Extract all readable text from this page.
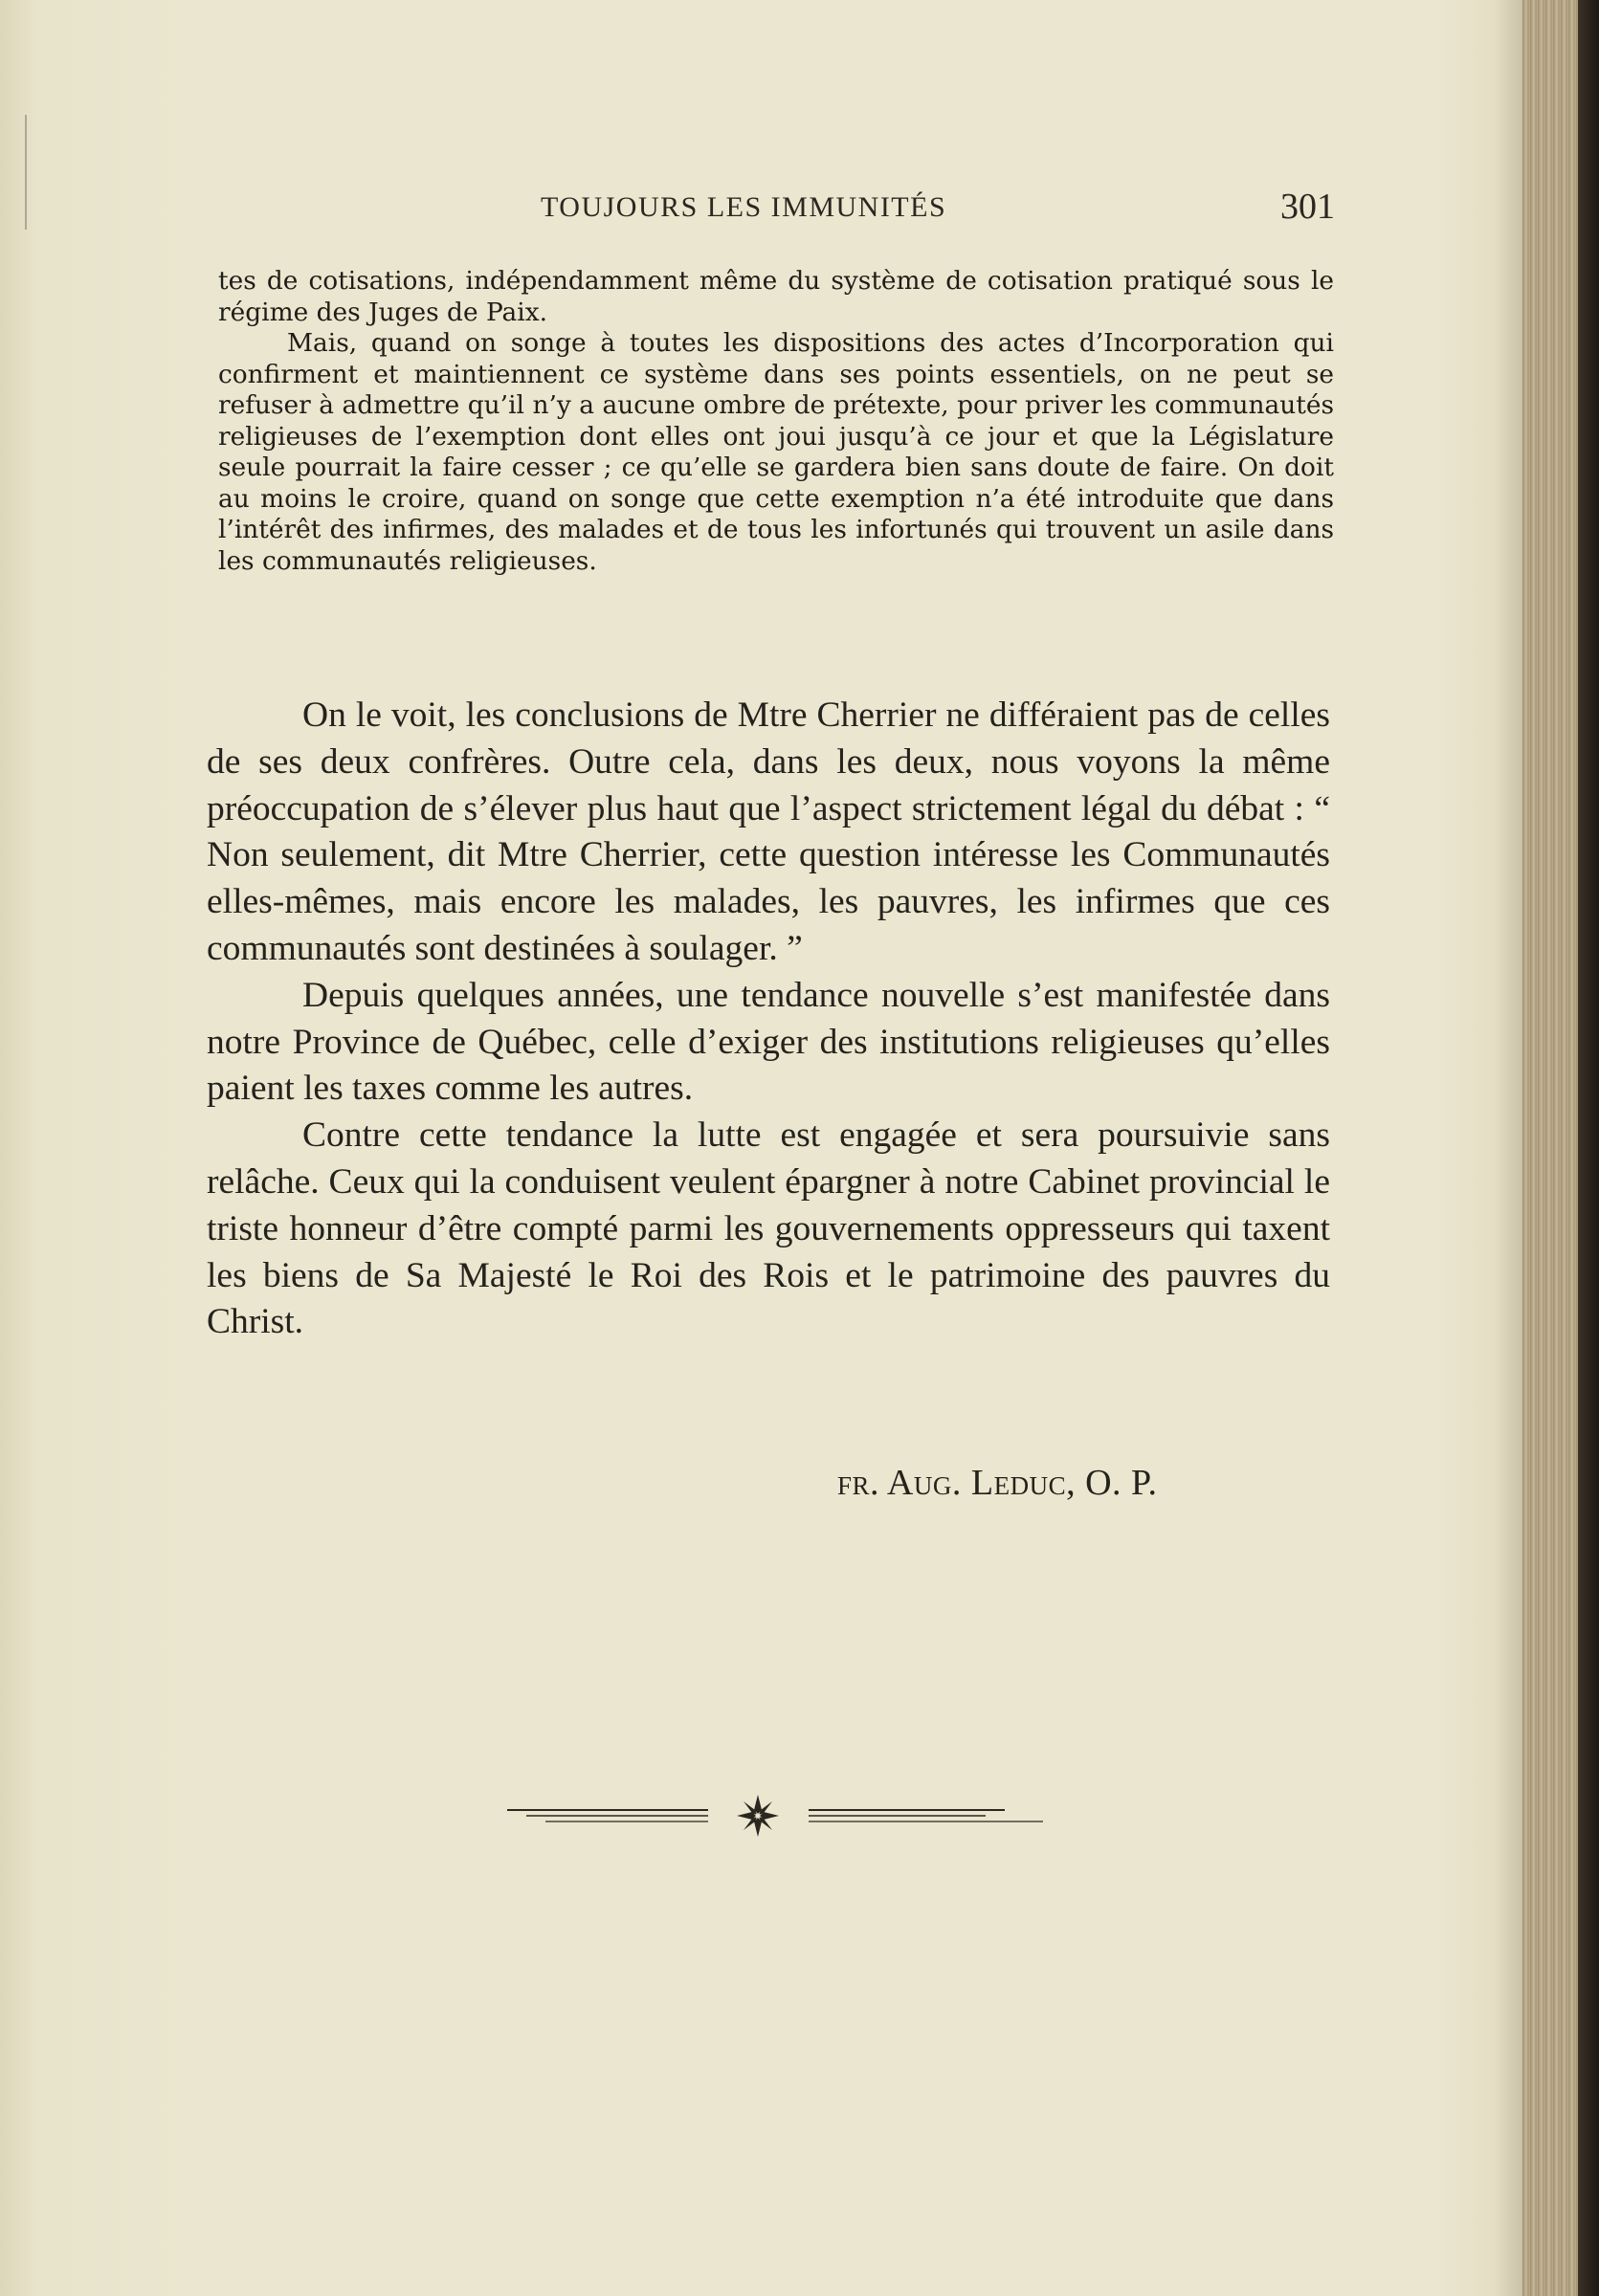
TOUJOURS LES IMMUNITÉS	301

tes de cotisations, indépendamment même du système de cotisation pratiqué sous le régime des Juges de Paix.

Mais, quand on songe à toutes les dispositions des actes d’Incorporation qui confirment et maintiennent ce système dans ses points essentiels, on ne peut se refuser à admettre qu’il n’y a aucune ombre de prétexte, pour priver les communautés religieuses de l’exemption dont elles ont joui jusqu’à ce jour et que la Législature seule pourrait la faire cesser ; ce qu’elle se gardera bien sans doute de faire. On doit au moins le croire, quand on songe que cette exemption n’a été introduite que dans l’intérêt des infirmes, des malades et de tous les infortunés qui trouvent un asile dans les communautés religieuses.

On le voit, les conclusions de Mtre Cherrier ne différaient pas de celles de ses deux confrères. Outre cela, dans les deux, nous voyons la même préoccupation de s’élever plus haut que l’aspect strictement légal du débat : “ Non seulement, dit Mtre Cherrier, cette question intéresse les Communautés elles-mêmes, mais encore les malades, les pauvres, les infirmes que ces communautés sont destinées à soulager. ”

Depuis quelques années, une tendance nouvelle s’est manifestée dans notre Province de Québec, celle d’exiger des institutions religieuses qu’elles paient les taxes comme les autres.

Contre cette tendance la lutte est engagée et sera poursuivie sans relâche. Ceux qui la conduisent veulent épargner à notre Cabinet provincial le triste honneur d’être compté parmi les gouvernements oppresseurs qui taxent les biens de Sa Majesté le Roi des Rois et le patrimoine des pauvres du Christ.

fr. Aug. Leduc, O. P.
